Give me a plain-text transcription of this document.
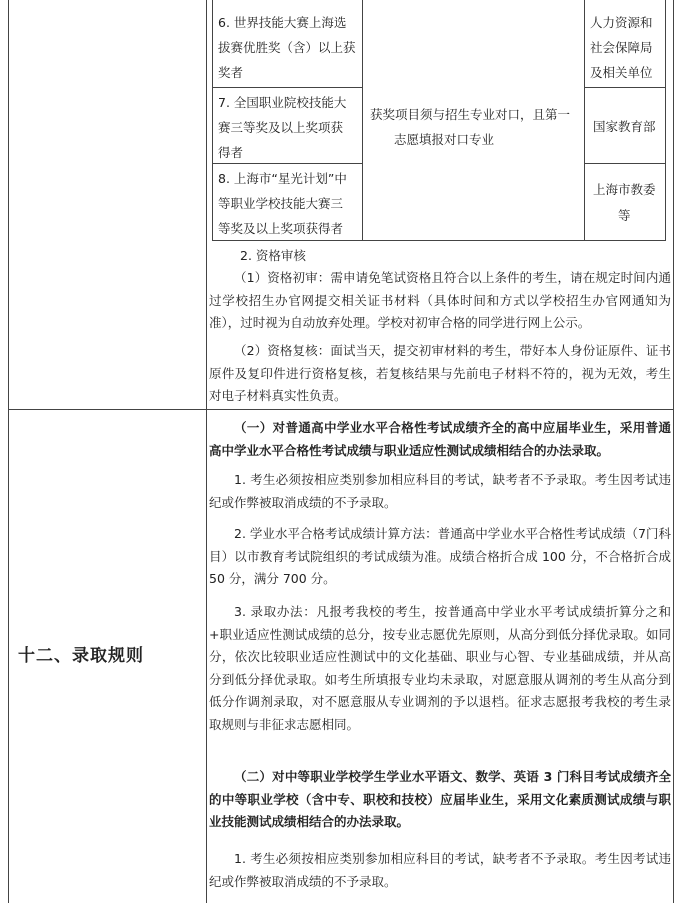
6. 世界技能大赛上海选
拔赛优胜奖（含）以上获
奖者
人力资源和
社会保障局
及相关单位
7. 全国职业院校技能大
赛三等奖及以上奖项获
得者
国家教育部
8. 上海市“星光计划”中
等职业学校技能大赛三
等奖及以上奖项获得者
上海市教委
等
获奖项目须与招生专业对口，且第一
志愿填报对口专业
2. 资格审核

（1）资格初审：需申请免笔试资格且符合以上条件的考生，请在规定时间内通过学校招生办官网提交相关证书材料（具体时间和方式以学校招生办官网通知为准），过时视为自动放弃处理。学校对初审合格的同学进行网上公示。

（2）资格复核：面试当天，提交初审材料的考生，带好本人身份证原件、证书原件及复印件进行资格复核，若复核结果与先前电子材料不符的，视为无效，考生对电子材料真实性负责。

十二、录取规则

（一）对普通高中学业水平合格性考试成绩齐全的高中应届毕业生，采用普通高中学业水平合格性考试成绩与职业适应性测试成绩相结合的办法录取。

1. 考生必须按相应类别参加相应科目的考试，缺考者不予录取。考生因考试违纪或作弊被取消成绩的不予录取。

2. 学业水平合格考试成绩计算方法：普通高中学业水平合格性考试成绩（7门科目）以市教育考试院组织的考试成绩为准。成绩合格折合成 100 分，不合格折合成 50 分，满分 700 分。

3. 录取办法：凡报考我校的考生，按普通高中学业水平考试成绩折算分之和+职业适应性测试成绩的总分，按专业志愿优先原则，从高分到低分择优录取。如同分，依次比较职业适应性测试中的文化基础、职业与心智、专业基础成绩，并从高分到低分择优录取。如考生所填报专业均未录取，对愿意服从调剂的考生从高分到低分作调剂录取，对不愿意服从专业调剂的予以退档。征求志愿报考我校的考生录取规则与非征求志愿相同。

（二）对中等职业学校学生学业水平语文、数学、英语 3 门科目考试成绩齐全的中等职业学校（含中专、职校和技校）应届毕业生，采用文化素质测试成绩与职业技能测试成绩相结合的办法录取。

1. 考生必须按相应类别参加相应科目的考试，缺考者不予录取。考生因考试违纪或作弊被取消成绩的不予录取。
